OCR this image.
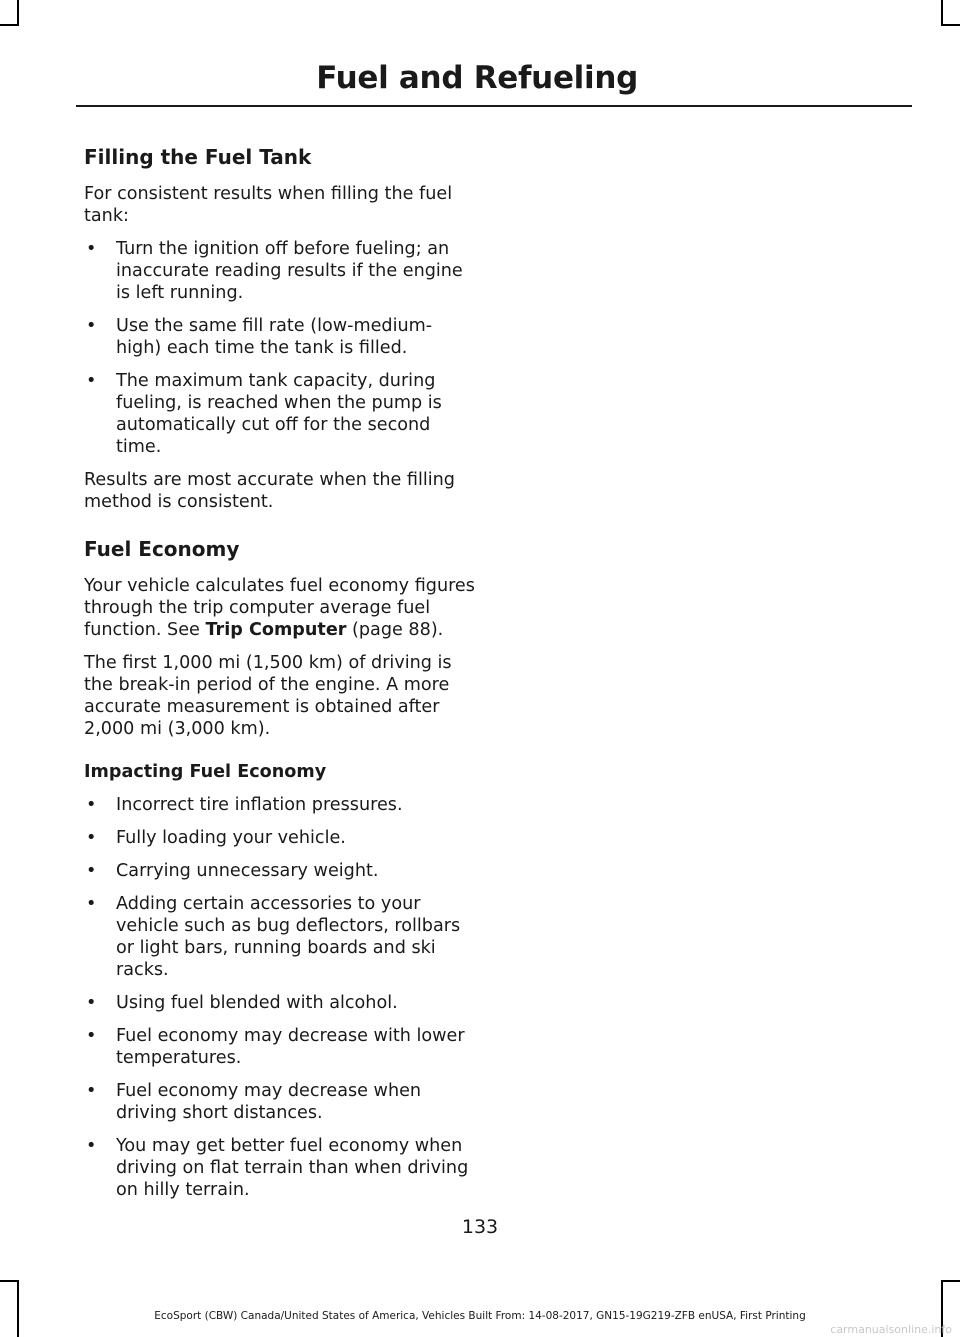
Fuel and Refueling
Filling the Fuel Tank

For consistent results when filling the fuel tank:

• Turn the ignition off before fueling; an inaccurate reading results if the engine is left running.
• Use the same fill rate (low-medium-high) each time the tank is filled.
• The maximum tank capacity, during fueling, is reached when the pump is automatically cut off for the second time.

Results are most accurate when the filling method is consistent.

Fuel Economy

Your vehicle calculates fuel economy figures through the trip computer average fuel function. See Trip Computer (page 88).

The first 1,000 mi (1,500 km) of driving is the break-in period of the engine. A more accurate measurement is obtained after 2,000 mi (3,000 km).

Impacting Fuel Economy
• Incorrect tire inflation pressures.
• Fully loading your vehicle.
• Carrying unnecessary weight.
• Adding certain accessories to your vehicle such as bug deflectors, rollbars or light bars, running boards and ski racks.
• Using fuel blended with alcohol.
• Fuel economy may decrease with lower temperatures.
• Fuel economy may decrease when driving short distances.
• You may get better fuel economy when driving on flat terrain than when driving on hilly terrain.
133
EcoSport (CBW) Canada/United States of America, Vehicles Built From: 14-08-2017, GN15-19G219-ZFB enUSA, First Printing
carmanualsonline.info
